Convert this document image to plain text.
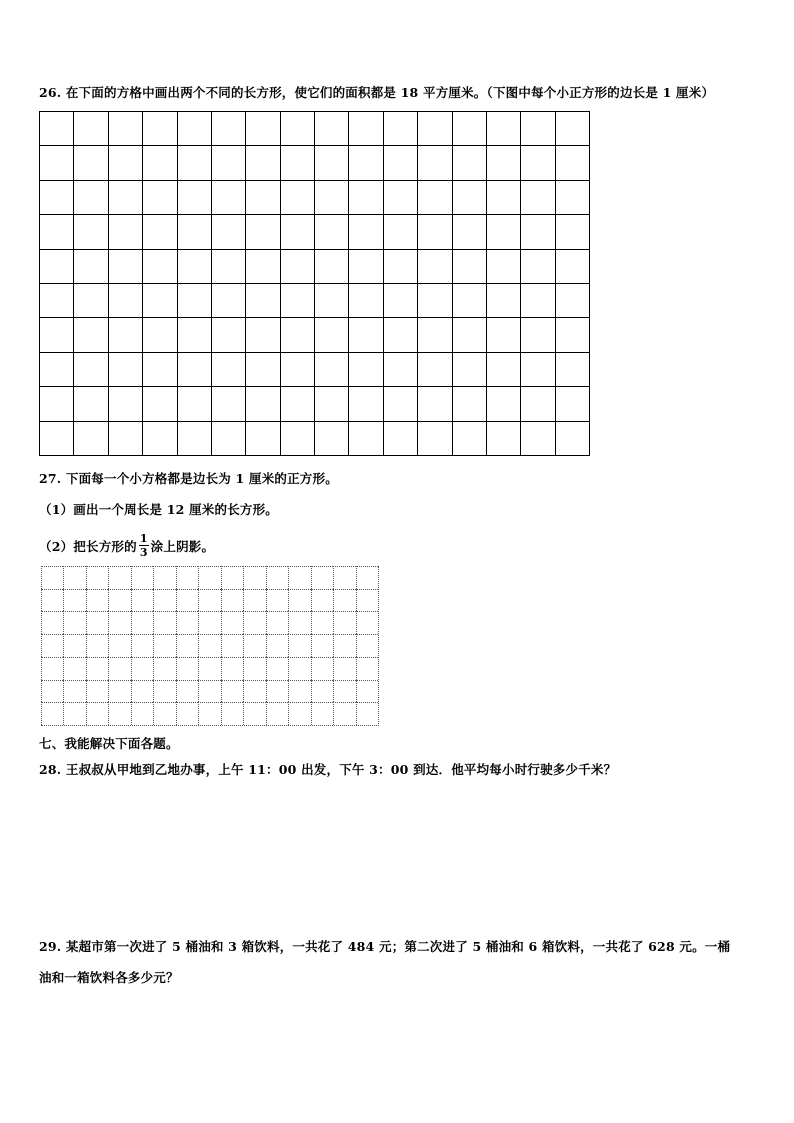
26. 在下面的方格中画出两个不同的长方形，使它们的面积都是 18 平方厘米。（下图中每个小正方形的边长是 1 厘米）
27. 下面每一个小方格都是边长为 1 厘米的正方形。
（1）画出一个周长是 12 厘米的长方形。
（2）把长方形的 $\frac{1}{3}$ 涂上阴影。
七、我能解决下面各题。
28. 王叔叔从甲地到乙地办事，上午 11：00 出发，下午 3：00 到达．他平均每小时行驶多少千米？
29. 某超市第一次进了 5 桶油和 3 箱饮料，一共花了 484 元；第二次进了 5 桶油和 6 箱饮料，一共花了 628 元。一桶
油和一箱饮料各多少元？
